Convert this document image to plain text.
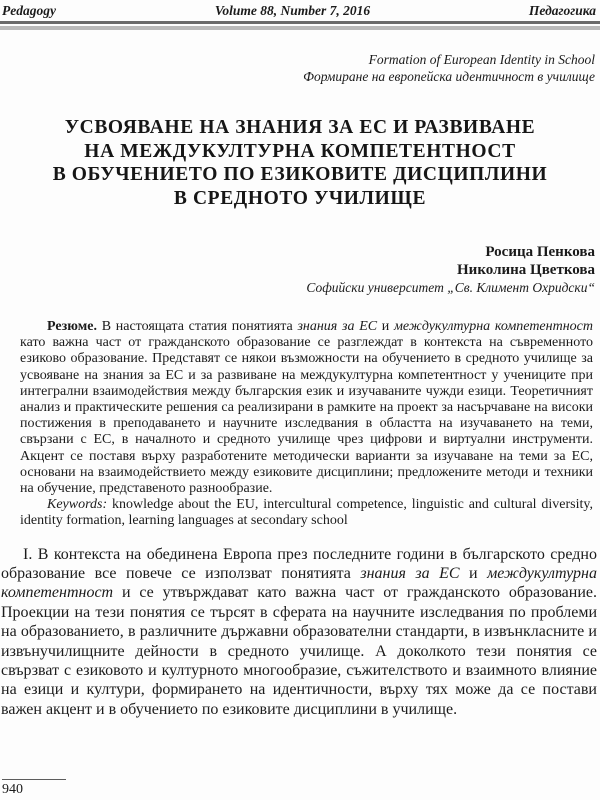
Pedagogy	Volume 88, Number 7, 2016	Педагогика
Formation of European Identity in School
Формиране на европейска идентичност в училище
УСВОЯВАНЕ НА ЗНАНИЯ ЗА ЕС И РАЗВИВАНЕ
НА МЕЖДУКУЛТУРНА КОМПЕТЕНТНОСТ
В ОБУЧЕНИЕТО ПО ЕЗИКОВИТЕ ДИСЦИПЛИНИ
В СРЕДНОТО УЧИЛИЩЕ
Росица Пенкова
Николина Цветкова
Софийски университет „Св. Климент Охридски“

Резюме. В настоящата статия понятията знания за ЕС и междукултурна компетентност като важна част от гражданското образование се разглеждат в контекста на съвременното езиково образование. Представят се някои възможности на обучението в средното училище за усвояване на знания за ЕС и за развиване на междукултурна компетентност у учениците при интегрални взаимодействия между българския език и изучаваните чужди езици. Теоретичният анализ и практическите решения са реализирани в рамките на проект за насърчаване на високи постижения в преподаването и научните изследвания в областта на изучаването на теми, свързани с ЕС, в началното и средното училище чрез цифрови и виртуални инструменти. Акцент се поставя върху разработените методически варианти за изучаване на теми за ЕС, основани на взаимодействието между езиковите дисциплини; предложените методи и техники на обучение, представеното разнообразие.

Keywords: knowledge about the EU, intercultural competence, linguistic and cultural diversity, identity formation, learning languages at secondary school

I. В контекста на обединена Европа през последните години в българското средно образование все повече се използват понятията знания за ЕС и междукултурна компетентност и се утвърждават като важна част от гражданското образование. Проекции на тези понятия се търсят в сферата на научните изследвания по проблеми на образованието, в различните държавни образователни стандарти, в извънкласните и извънучилищните дейности в средното училище. А доколкото тези понятия се свързват с езиковото и културното многообразие, съжителството и взаимното влияние на езици и култури, формирането на идентичности, върху тях може да се постави важен акцент и в обучението по езиковите дисциплини в училище.

940
